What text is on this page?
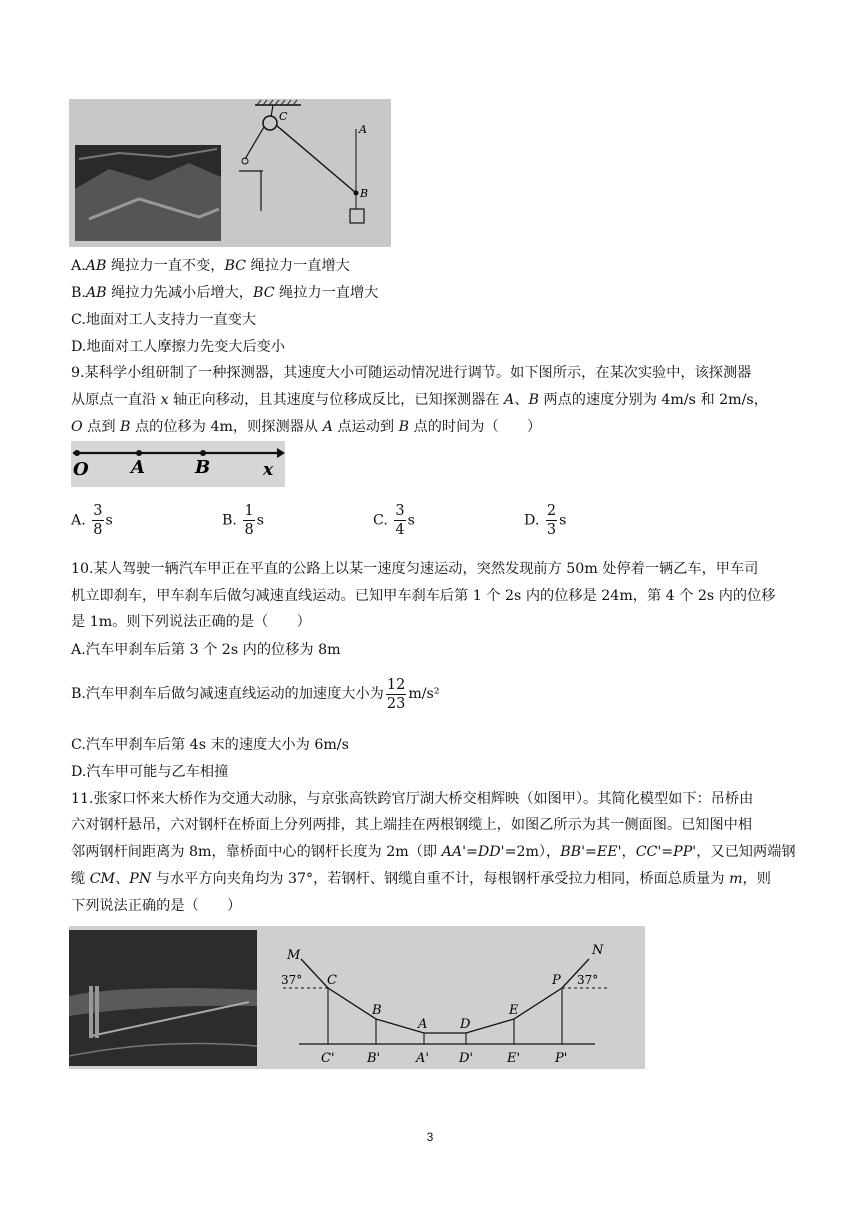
C
A
B
A.AB 绳拉力一直不变，BC 绳拉力一直增大
B.AB 绳拉力先减小后增大，BC 绳拉力一直增大
C.地面对工人支持力一直变大
D.地面对工人摩擦力先变大后变小
9.某科学小组研制了一种探测器，其速度大小可随运动情况进行调节。如下图所示，在某次实验中，该探测器
从原点一直沿 x 轴正向移动，且其速度与位移成反比，已知探测器在 A、B 两点的速度分别为 4m/s 和 2m/s，
O 点到 B 点的位移为 4m，则探测器从 A 点运动到 B 点的时间为（　　）
O A	B	x
A. $\frac{3}{8}$ s	B. $\frac{1}{8}$ s	C. $\frac{3}{4}$ s	D. $\frac{2}{3}$ s
10.某人驾驶一辆汽车甲正在平直的公路上以某一速度匀速运动，突然发现前方 50m 处停着一辆乙车，甲车司
机立即刹车，甲车刹车后做匀减速直线运动。已知甲车刹车后第 1 个 2s 内的位移是 24m，第 4 个 2s 内的位移
是 1m。则下列说法正确的是（　　）
A.汽车甲刹车后第 3 个 2s 内的位移为 8m
B.汽车甲刹车后做匀减速直线运动的加速度大小为 $\frac{12}{23} m/s^2$
C.汽车甲刹车后第 4s 末的速度大小为 6m/s
D.汽车甲可能与乙车相撞
11.张家口怀来大桥作为交通大动脉，与京张高铁跨官厅湖大桥交相辉映（如图甲）。其简化模型如下：吊桥由
六对钢杆悬吊，六对钢杆在桥面上分列两排，其上端挂在两根钢缆上，如图乙所示为其一侧面图。已知图中相
邻两钢杆间距离为 8m，靠桥面中心的钢杆长度为 2m（即 AA'=DD'=2m），BB'=EE'，CC'=PP'，又已知两端钢
缆 CM、PN 与水平方向夹角均为 37°，若钢杆、钢缆自重不计，每根钢杆承受拉力相同，桥面总质量为 m，则
下列说法正确的是（　　）
M	N
37°	37°
C
B
A	D
E
P
C' B'	A' D'	E'	P'
3
